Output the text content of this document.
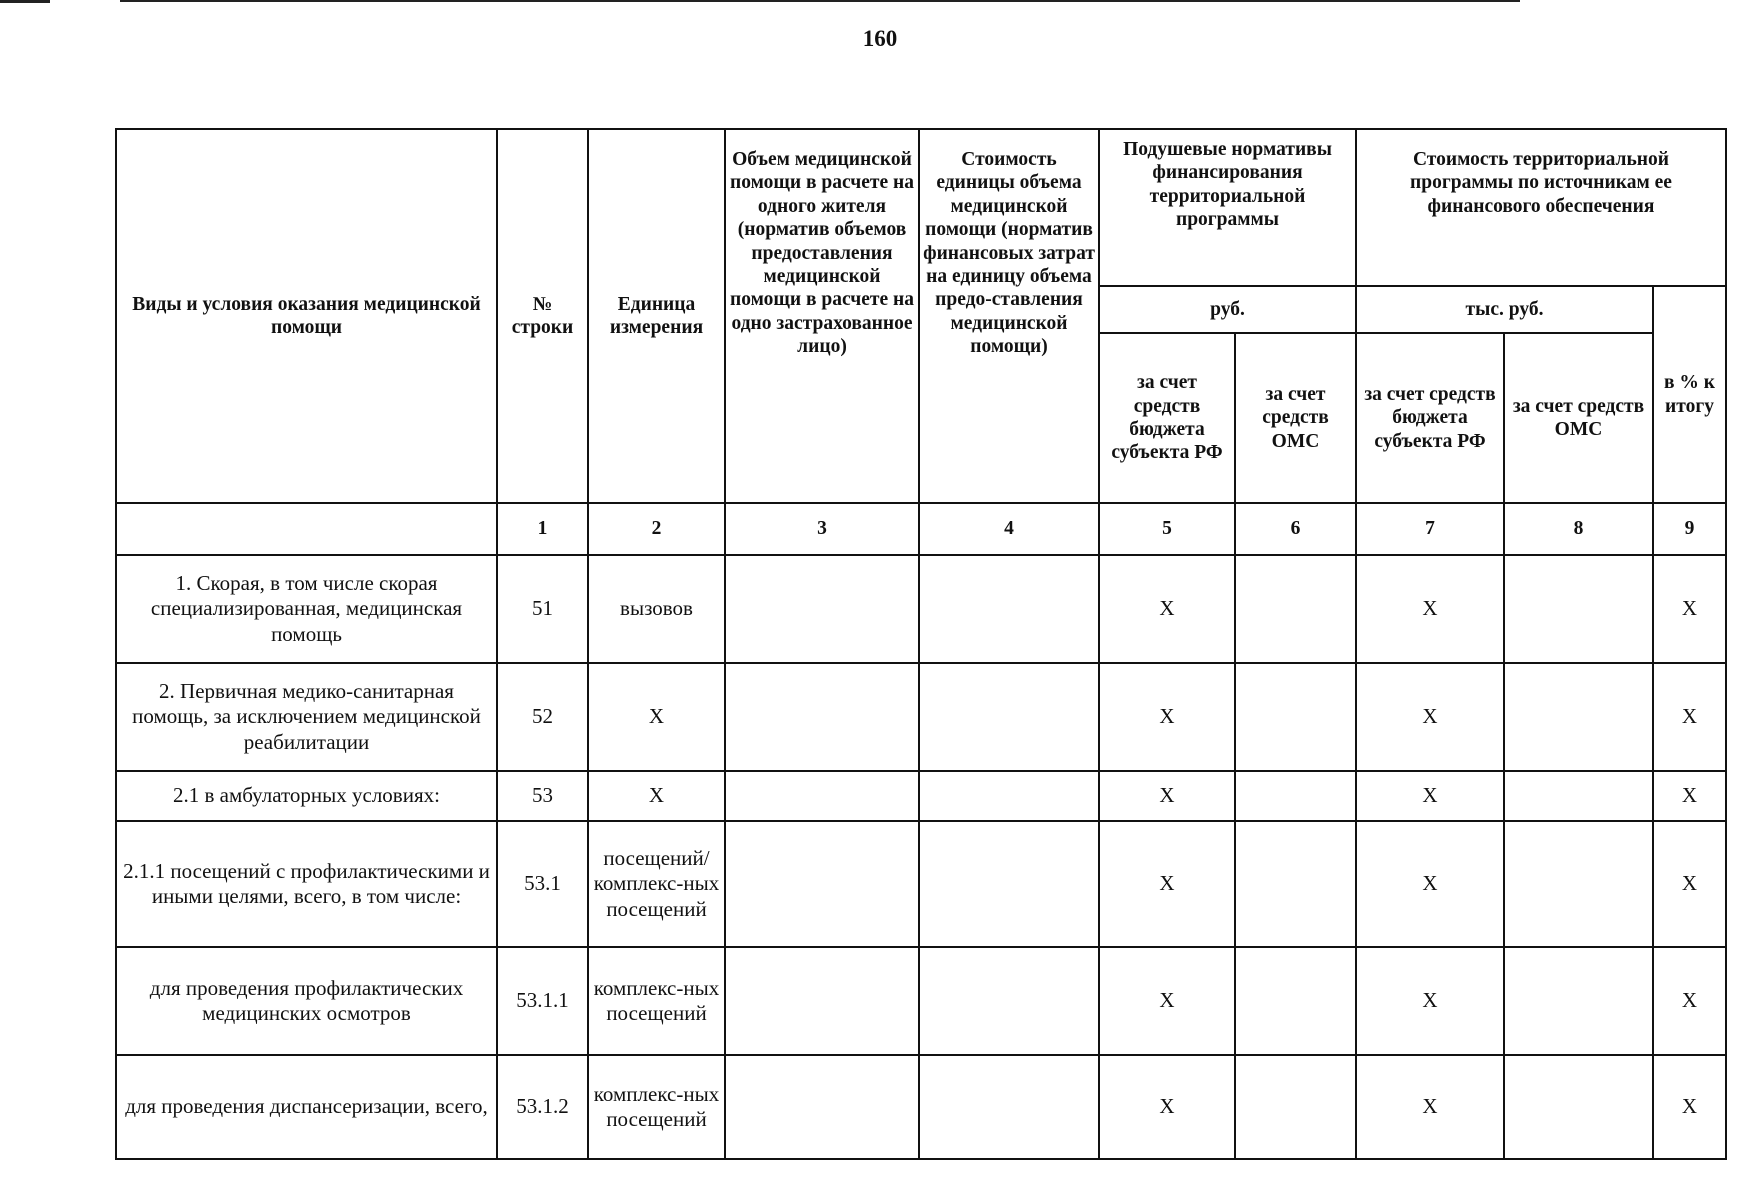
160
Виды и условия оказания медицинской помощи	№ строки	Единица измерения	Объем медицинской помощи в расчете на одного жителя (норматив объемов предоставления медицинской помощи в расчете на одно застрахованное лицо)	Стоимость единицы объема медицинской помощи (норматив финансовых затрат на единицу объема предо-ставления медицинской помощи)	Подушевые нормативы финансирования территориальной программы		Стоимость территориальной программы по источникам ее финансового обеспечения		
					руб.		тыс. руб.		в % к итогу
					за счет средств бюджета субъекта РФ	за счет средств ОМС	за счет средств бюджета субъекта РФ	за счет средств ОМС	
	1	2	3	4	5	6	7	8	9
1. Скорая, в том числе скорая специализированная, медицинская помощь	51	вызовов			X		X		X
2. Первичная медико-санитарная помощь, за исключением медицинской реабилитации	52	X			X		X		X
2.1 в амбулаторных условиях:	53	X			X		X		X
2.1.1 посещений с профилактическими и иными целями, всего, в том числе:	53.1	посещений/ комплекс-ных посещений			X		X		X
для проведения профилактических медицинских осмотров	53.1.1	комплекс-ных посещений			X		X		X
для проведения диспансеризации, всего,	53.1.2	комплекс-ных посещений			X		X		X
